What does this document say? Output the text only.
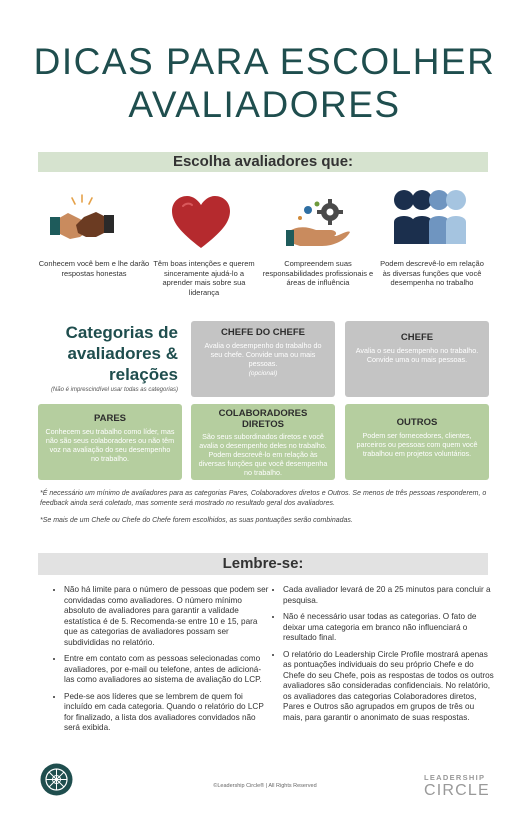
DICAS PARA ESCOLHER
AVALIADORES
Escolha avaliadores que:
Conhecem você bem e lhe darão respostas honestas
Têm boas intenções e querem sinceramente ajudá-lo a aprender mais sobre sua liderança
Compreendem suas responsabilidades profissionais e áreas de influência
Podem descrevê-lo em relação às diversas funções que você desempenha no trabalho
Categorias de
avaliadores &
relações
(Não é imprescindível usar todas as categorias)
CHEFE DO CHEFE
Avalia o desempenho do trabalho do seu chefe. Convide uma ou mais pessoas.
(opcional)
CHEFE
Avalia o seu desempenho no trabalho. Convide uma ou mais pessoas.
PARES
Conhecem seu trabalho como líder, mas não são seus colaboradores ou não têm voz na avaliação do seu desempenho no trabalho.
COLABORADORES DIRETOS
São seus subordinados diretos e você avalia o desempenho deles no trabalho. Podem descrevê-lo em relação às diversas funções que você desempenha no trabalho.
OUTROS
Podem ser fornecedores, clientes, parceiros ou pessoas com quem você trabalhou em projetos voluntários.
*É necessário um mínimo de avaliadores para as categorias Pares, Colaboradores diretos e Outros. Se menos de três pessoas responderem, o feedback ainda será coletado, mas somente será mostrado no resultado geral dos avaliadores.
*Se mais de um Chefe ou Chefe do Chefe forem escolhidos, as suas pontuações serão combinadas.
Lembre-se:
• Não há limite para o número de pessoas que podem ser convidadas como avaliadores. O número mínimo absoluto de avaliadores para garantir a validade estatística é de 5. Recomenda-se entre 10 e 15, para que as categorias de avaliadores possam ser subdivididas no relatório.
• Entre em contato com as pessoas selecionadas como avaliadores, por e-mail ou telefone, antes de adicioná-las como avaliadores ao sistema de avaliação do LCP.
• Pede-se aos líderes que se lembrem de quem foi incluído em cada categoria. Quando o relatório do LCP for finalizado, a lista dos avaliadores convidados não será exibida.
• Cada avaliador levará de 20 a 25 minutos para concluir a pesquisa.
• Não é necessário usar todas as categorias. O fato de deixar uma categoria em branco não influenciará o resultado final.
• O relatório do Leadership Circle Profile mostrará apenas as pontuações individuais do seu próprio Chefe e do Chefe do seu Chefe, pois as respostas de todos os outros avaliadores são consideradas confidenciais. No relatório, os avaliadores das categorias Colaboradores diretos, Pares e Outros são agrupados em grupos de três ou mais, para garantir o anonimato de suas respostas.
©Leadership Circle® | All Rights Reserved
LEADERSHIP
CIRCLE
